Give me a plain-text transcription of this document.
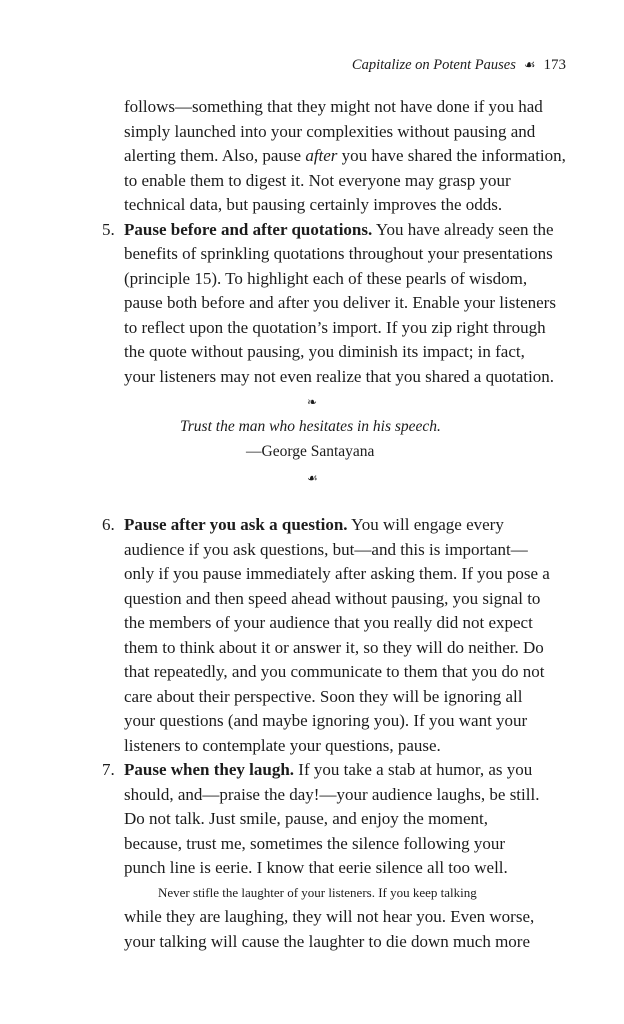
Capitalize on Potent Pauses ☙ 173
follows—something that they might not have done if you had
simply launched into your complexities without pausing and
alerting them. Also, pause after you have shared the information,
to enable them to digest it. Not everyone may grasp your
technical data, but pausing certainly improves the odds.
5. Pause before and after quotations. You have already seen the
benefits of sprinkling quotations throughout your presentations
(principle 15). To highlight each of these pearls of wisdom,
pause both before and after you deliver it. Enable your listeners
to reflect upon the quotation’s import. If you zip right through
the quote without pausing, you diminish its impact; in fact,
your listeners may not even realize that you shared a quotation.
❧
Trust the man who hesitates in his speech.
—George Santayana
☙
6. Pause after you ask a question. You will engage every
audience if you ask questions, but—and this is important—
only if you pause immediately after asking them. If you pose a
question and then speed ahead without pausing, you signal to
the members of your audience that you really did not expect
them to think about it or answer it, so they will do neither. Do
that repeatedly, and you communicate to them that you do not
care about their perspective. Soon they will be ignoring all
your questions (and maybe ignoring you). If you want your
listeners to contemplate your questions, pause.
7. Pause when they laugh. If you take a stab at humor, as you
should, and—praise the day!—your audience laughs, be still.
Do not talk. Just smile, pause, and enjoy the moment,
because, trust me, sometimes the silence following your
punch line is eerie. I know that eerie silence all too well.
Never stifle the laughter of your listeners. If you keep talking
while they are laughing, they will not hear you. Even worse,
your talking will cause the laughter to die down much more
